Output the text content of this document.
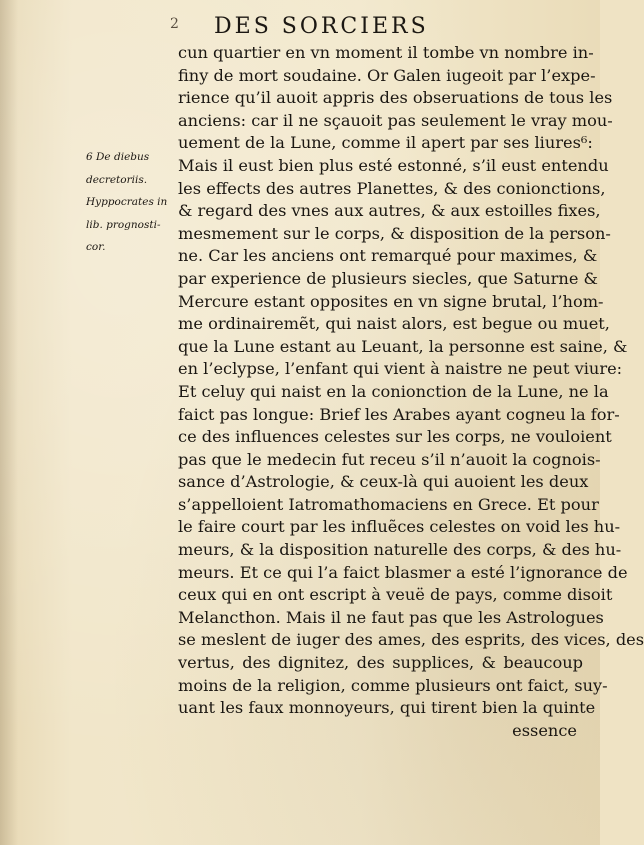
2 DES SORCIERS
6 De diebus
decretoriis.
Hyppocrates in
lib. prognosti-
cor.
cun quartier en vn moment il tombe vn nombre in-
finy de mort soudaine. Or Galen iugeoit par l’expe-
rience qu’il auoit appris des obseruations de tous les
anciens: car il ne sçauoit pas seulement le vray mou-
uement de la Lune, comme il apert par ses liures⁶:
Mais il eust bien plus esté estonné, s’il eust entendu
les effects des autres Planettes, & des conionctions,
& regard des vnes aux autres, & aux estoilles fixes,
mesmement sur le corps, & disposition de la person-
ne. Car les anciens ont remarqué pour maximes, &
par experience de plusieurs siecles, que Saturne &
Mercure estant opposites en vn signe brutal, l’hom-
me ordinairemẽt, qui naist alors, est begue ou muet,
que la Lune estant au Leuant, la personne est saine, &
en l’eclypse, l’enfant qui vient à naistre ne peut viure:
Et celuy qui naist en la conionction de la Lune, ne la
faict pas longue: Brief les Arabes ayant cogneu la for-
ce des influences celestes sur les corps, ne vouloient
pas que le medecin fut receu s’il n’auoit la cognois-
sance d’Astrologie, & ceux-là qui auoient les deux
s’appelloient Iatromathomaciens en Grece. Et pour
le faire court par les influẽces celestes on void les hu-
meurs, & la disposition naturelle des corps, & des hu-
meurs. Et ce qui l’a faict blasmer a esté l’ignorance de
ceux qui en ont escript à veuë de pays, comme disoit
Melancthon. Mais il ne faut pas que les Astrologues
se meslent de iuger des ames, des esprits, des vices, des
vertus, des dignitez, des supplices, & beaucoup
moins de la religion, comme plusieurs ont faict, suy-
uant les faux monnoyeurs, qui tirent bien la quinte
essence
